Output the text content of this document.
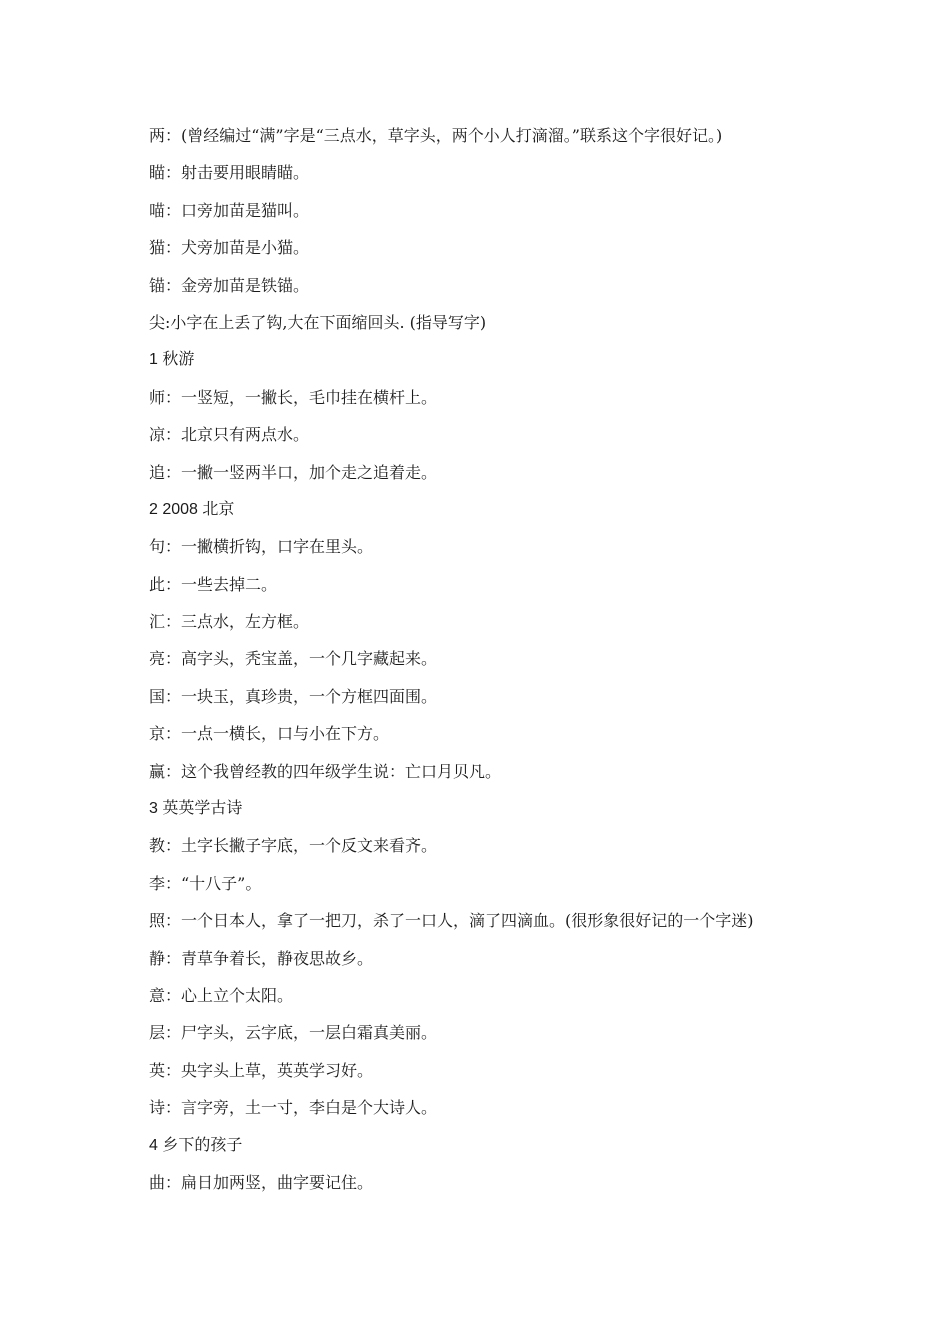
两：(曾经编过“满”字是“三点水，草字头，两个小人打滴溜。”联系这个字很好记。)
瞄：射击要用眼睛瞄。
喵：口旁加苗是猫叫。
猫：犬旁加苗是小猫。
锚：金旁加苗是铁锚。
尖:小字在上丢了钩,大在下面缩回头. (指导写字)
1 秋游
师：一竖短，一撇长，毛巾挂在横杆上。
凉：北京只有两点水。
追：一撇一竖两半口，加个走之追着走。
2 2008 北京
句：一撇横折钩，口字在里头。
此：一些去掉二。
汇：三点水，左方框。
亮：高字头，秃宝盖，一个几字藏起来。
国：一块玉，真珍贵，一个方框四面围。
京：一点一横长，口与小在下方。
赢：这个我曾经教的四年级学生说：亡口月贝凡。
3 英英学古诗
教：土字长撇子字底，一个反文来看齐。
李：“十八子”。
照：一个日本人，拿了一把刀，杀了一口人，滴了四滴血。(很形象很好记的一个字迷)
静：青草争着长，静夜思故乡。
意：心上立个太阳。
层：尸字头，云字底，一层白霜真美丽。
英：央字头上草，英英学习好。
诗：言字旁，土一寸，李白是个大诗人。
4 乡下的孩子
曲：扁日加两竖，曲字要记住。
